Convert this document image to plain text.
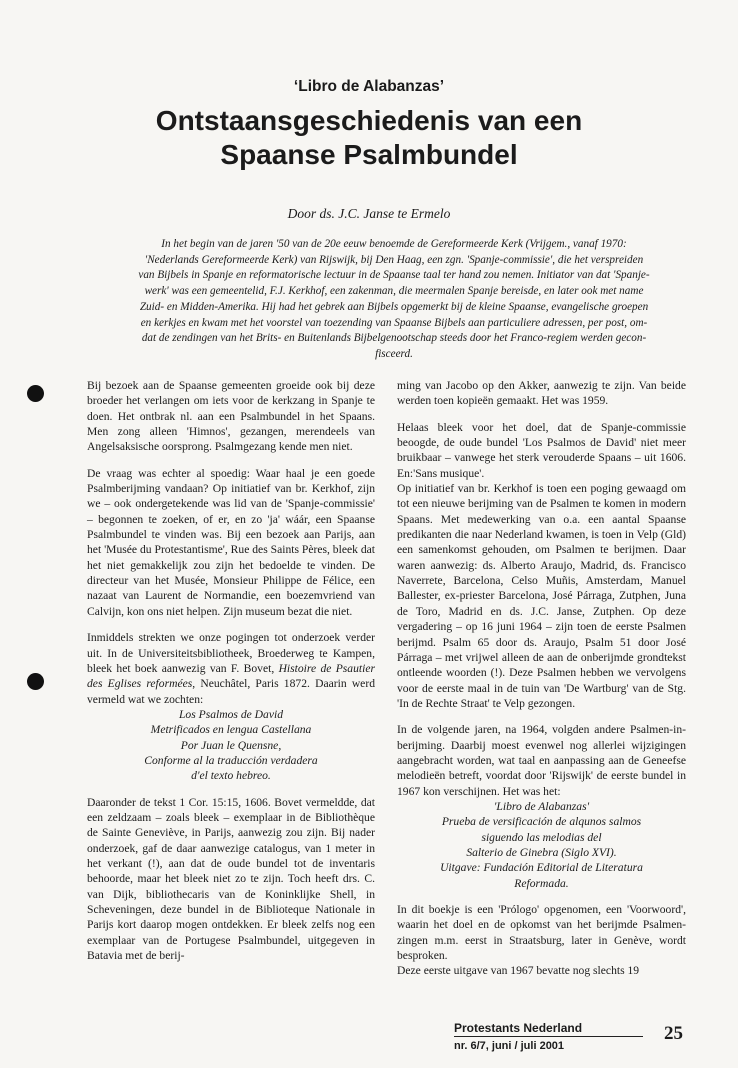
‘Libro de Alabanzas’
Ontstaansgeschiedenis van een
Spaanse Psalmbundel
Door ds. J.C. Janse te Ermelo
In het begin van de jaren '50 van de 20e eeuw benoemde de Gereformeerde Kerk (Vrijgem., vanaf 1970:
'Nederlands Gereformeerde Kerk) van Rijswijk, bij Den Haag, een zgn. 'Spanje-commissie', die het verspreiden
van Bijbels in Spanje en reformatorische lectuur in de Spaanse taal ter hand zou nemen. Initiator van dat 'Spanje-
werk' was een gemeentelid, F.J. Kerkhof, een zakenman, die meermalen Spanje bereisde, en later ook met name
Zuid- en Midden-Amerika. Hij had het gebrek aan Bijbels opgemerkt bij de kleine Spaanse, evangelische groepen
en kerkjes en kwam met het voorstel van toezending van Spaanse Bijbels aan particuliere adressen, per post, om-
dat de zendingen van het Brits- en Buitenlands Bijbelgenootschap steeds door het Franco-regiem werden gecon-
fisceerd.

Bij bezoek aan de Spaanse gemeenten groeide ook bij deze broeder het verlangen om iets voor de kerkzang in Spanje te doen. Het ontbrak nl. aan een Psalmbundel in het Spaans. Men zong alleen 'Himnos', gezangen, merendeels van Angelsaksische oorsprong. Psalmgezang kende men niet.

De vraag was echter al spoedig: Waar haal je een goede Psalmberijming vandaan? Op initiatief van br. Kerkhof, zijn we – ook ondergetekende was lid van de 'Spanje-commissie' – begonnen te zoeken, of er, en zo 'ja' wáár, een Spaanse Psalmbundel te vinden was. Bij een bezoek aan Parijs, aan het 'Musée du Protestantisme', Rue des Saints Pères, bleek dat het niet gemakkelijk zou zijn het bedoelde te vinden. De directeur van het Musée, Monsieur Philippe de Félice, een nazaat van Laurent de Normandie, een boezemvriend van Calvijn, kon ons niet helpen. Zijn museum bezat die niet.

Inmiddels strekten we onze pogingen tot onderzoek verder uit. In de Universiteitsbibliotheek, Broederweg te Kampen, bleek het boek aanwezig van F. Bovet, Histoire de Psautier des Eglises reformées, Neuchâtel, Paris 1872. Daarin werd vermeld wat we zochten:

Los Psalmos de David
Metrificados en lengua Castellana
Por Juan le Quensne,
Conforme al la traducción verdadera
d'el texto hebreo.

Daaronder de tekst 1 Cor. 15:15, 1606. Bovet vermeldde, dat een zeldzaam – zoals bleek – exemplaar in de Bibliothèque de Sainte Geneviève, in Parijs, aanwezig zou zijn. Bij nader onderzoek, gaf de daar aanwezige catalogus, van 1 meter in het verkant (!), aan dat de oude bundel tot de inventaris behoorde, maar het bleek niet zo te zijn. Toch heeft drs. C. van Dijk, bibliothecaris van de Koninklijke Shell, in Scheveningen, deze bundel in de Biblioteque Nationale in Parijs kort daarop mogen ontdekken. Er bleek zelfs nog een exemplaar van de Portugese Psalmbundel, uitgegeven in Batavia met de berij-

ming van Jacobo op den Akker, aanwezig te zijn. Van beide werden toen kopieën gemaakt. Het was 1959.

Helaas bleek voor het doel, dat de Spanje-commissie beoogde, de oude bundel 'Los Psalmos de David' niet meer bruikbaar – vanwege het sterk verouderde Spaans – uit 1606. En:'Sans musique'.

Op initiatief van br. Kerkhof is toen een poging gewaagd om tot een nieuwe berijming van de Psalmen te komen in modern Spaans. Met medewerking van o.a. een aantal Spaanse predikanten die naar Nederland kwamen, is toen in Velp (Gld) een samenkomst gehouden, om Psalmen te berijmen. Daar waren aanwezig: ds. Alberto Araujo, Madrid, ds. Francisco Naverrete, Barcelona, Celso Muñis, Amsterdam, Manuel Ballester, ex-priester Barcelona, José Párraga, Zutphen, Juna de Toro, Madrid en ds. J.C. Janse, Zutphen. Op deze vergadering – op 16 juni 1964 – zijn toen de eerste Psalmen berijmd. Psalm 65 door ds. Araujo, Psalm 51 door José Párraga – met vrijwel alleen de aan de onberijmde grondtekst ontleende woorden (!). Deze Psalmen hebben we vervolgens voor de eerste maal in de tuin van 'De Wartburg' van de Stg. 'In de Rechte Straat' te Velp gezongen.

In de volgende jaren, na 1964, volgden andere Psalmen-in-berijming. Daarbij moest evenwel nog allerlei wijzigingen aangebracht worden, wat taal en aanpassing aan de Geneefse melodieën betreft, voordat door 'Rijswijk' de eerste bundel in 1967 kon verschijnen. Het was het:

'Libro de Alabanzas'
Prueba de versificación de alqunos salmos
siguendo las melodias del
Salterio de Ginebra (Siglo XVI).
Uitgave: Fundación Editorial de Literatura
Reformada.

In dit boekje is een 'Prólogo' opgenomen, een 'Voorwoord', waarin het doel en de opkomst van het berijmde Psalmen-zingen m.m. eerst in Straatsburg, later in Genève, wordt besproken.

Deze eerste uitgave van 1967 bevatte nog slechts 19

Protestants Nederland
nr. 6/7, juni / juli 2001
25
